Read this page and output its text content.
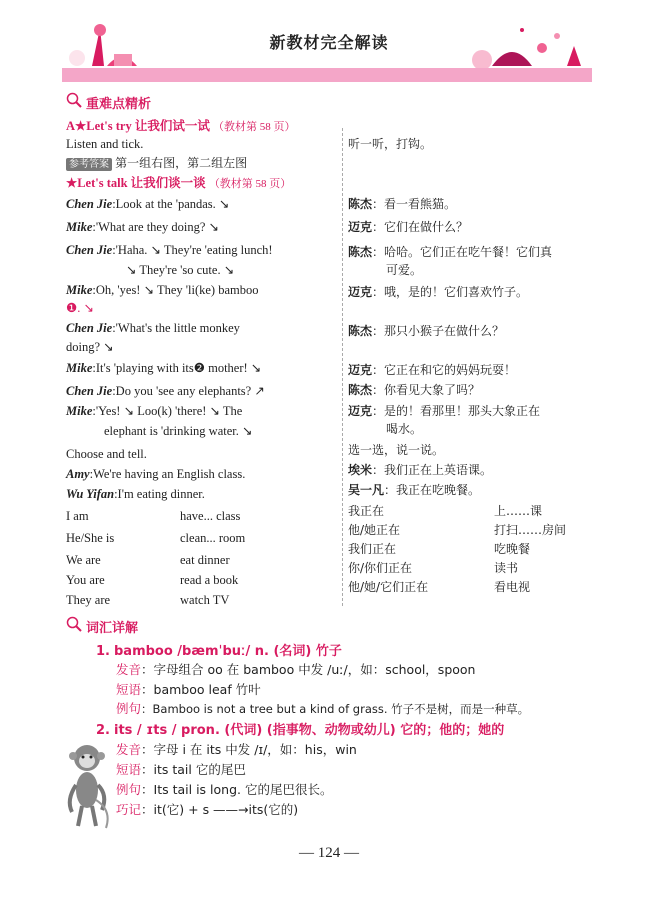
新教材完全解读
重难点精析
A★Let's try 让我们试一试 （教材第 58 页）
Listen and tick.
参考答案 第一组右图，第二组左图
★Let's talk 让我们谈一谈 （教材第 58 页）
Chen Jie:Look at the 'pandas. ↘
Mike:'What are they doing? ↘
Chen Jie:'Haha. ↘ They're 'eating lunch!
↘ They're 'so cute. ↘
Mike:Oh, 'yes! ↘ They 'li(ke) bamboo
❶. ↘
Chen Jie:'What's the little monkey
doing? ↘
Mike:It's 'playing with its❷ mother! ↘
Chen Jie:Do you 'see any elephants? ↗
Mike:'Yes! ↘ Loo(k) 'there! ↘ The
elephant is 'drinking water. ↘
Choose and tell.
Amy:We're having an English class.
Wu Yifan:I'm eating dinner.
I am
He/She is
We are
You are
They are
have... class
clean... room
eat dinner
read a book
watch TV
听一听，打钩。
陈杰：看一看熊猫。
迈克：它们在做什么？
陈杰：哈哈。它们正在吃午餐！它们真
可爱。
迈克：哦，是的！它们喜欢竹子。
陈杰：那只小猴子在做什么？
迈克：它正在和它的妈妈玩耍！
陈杰：你看见大象了吗？
迈克：是的！看那里！那头大象正在
喝水。
选一选，说一说。
埃米：我们正在上英语课。
吴一凡：我正在吃晚餐。
我正在
他/她正在
我们正在
你/你们正在
他/她/它们正在
上……课
打扫……房间
吃晚餐
读书
看电视
词汇详解
1. bamboo /bæmˈbuː/ n. (名词) 竹子
发音：字母组合 oo 在 bamboo 中发 /uː/，如：school，spoon
短语：bamboo leaf 竹叶
例句：Bamboo is not a tree but a kind of grass. 竹子不是树，而是一种草。
2. its / ɪts / pron. (代词) (指事物、动物或幼儿) 它的；他的；她的
发音：字母 i 在 its 中发 /ɪ/，如：his，win
短语：its tail 它的尾巴
例句：Its tail is long. 它的尾巴很长。
巧记：it(它) + s ——→its(它的)
— 124 —
